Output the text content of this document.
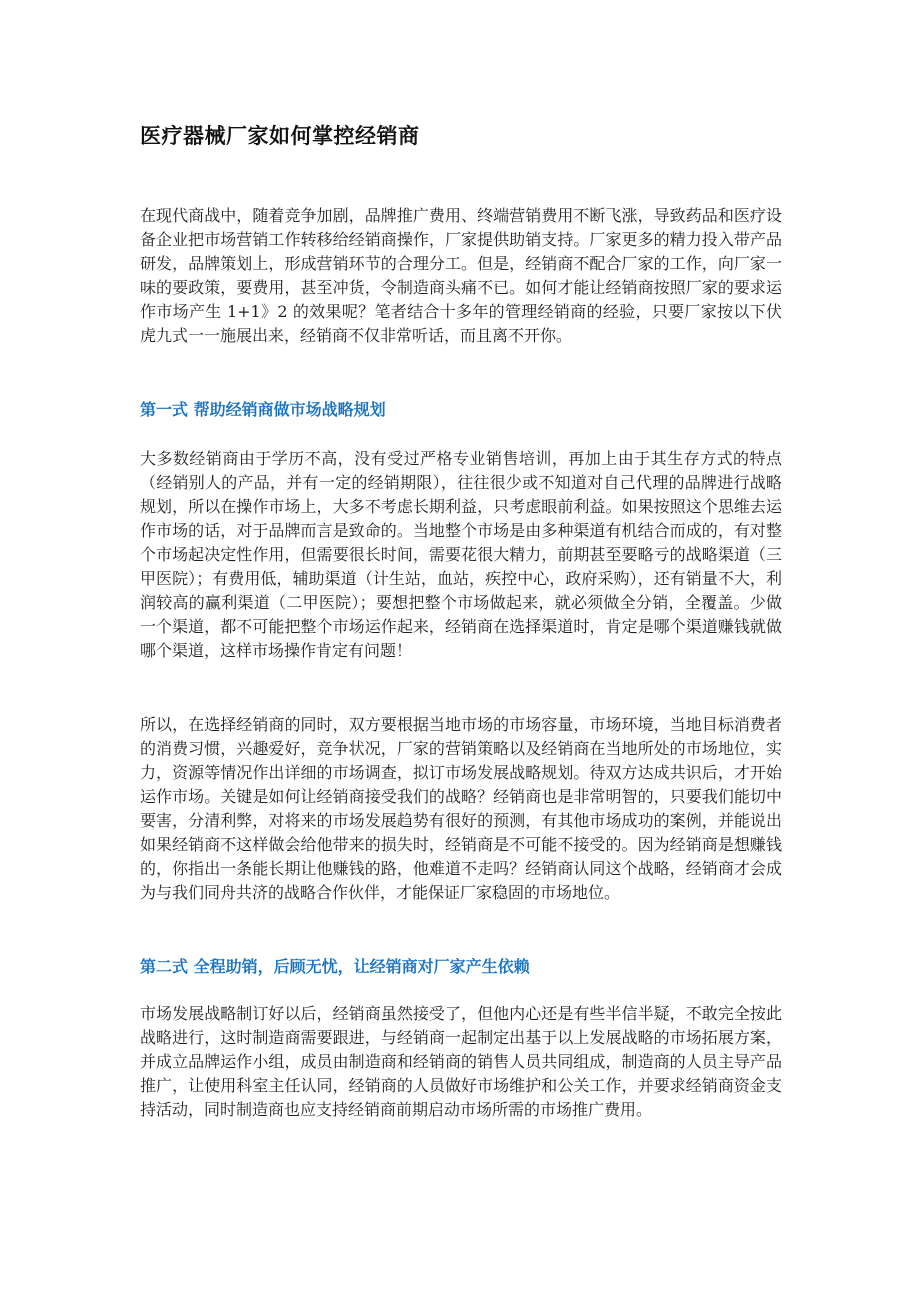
医疗器械厂家如何掌控经销商

在现代商战中，随着竞争加剧，品牌推广费用、终端营销费用不断飞涨，导致药品和医疗设备企业把市场营销工作转移给经销商操作，厂家提供助销支持。厂家更多的精力投入带产品研发，品牌策划上，形成营销环节的合理分工。但是，经销商不配合厂家的工作，向厂家一味的要政策，要费用，甚至冲货，令制造商头痛不已。如何才能让经销商按照厂家的要求运作市场产生 1+1》2 的效果呢？笔者结合十多年的管理经销商的经验，只要厂家按以下伏虎九式一一施展出来，经销商不仅非常听话，而且离不开你。

第一式 帮助经销商做市场战略规划

大多数经销商由于学历不高，没有受过严格专业销售培训，再加上由于其生存方式的特点（经销别人的产品，并有一定的经销期限），往往很少或不知道对自己代理的品牌进行战略规划，所以在操作市场上，大多不考虑长期利益，只考虑眼前利益。如果按照这个思维去运作市场的话，对于品牌而言是致命的。当地整个市场是由多种渠道有机结合而成的，有对整个市场起决定性作用，但需要很长时间，需要花很大精力，前期甚至要略亏的战略渠道（三甲医院）；有费用低，辅助渠道（计生站，血站，疾控中心，政府采购），还有销量不大，利润较高的赢利渠道（二甲医院）；要想把整个市场做起来，就必须做全分销，全覆盖。少做一个渠道，都不可能把整个市场运作起来，经销商在选择渠道时，肯定是哪个渠道赚钱就做哪个渠道，这样市场操作肯定有问题！

所以，在选择经销商的同时，双方要根据当地市场的市场容量，市场环境，当地目标消费者的消费习惯，兴趣爱好，竞争状况，厂家的营销策略以及经销商在当地所处的市场地位，实力，资源等情况作出详细的市场调查，拟订市场发展战略规划。待双方达成共识后，才开始运作市场。关键是如何让经销商接受我们的战略？经销商也是非常明智的，只要我们能切中要害，分清利弊，对将来的市场发展趋势有很好的预测，有其他市场成功的案例，并能说出如果经销商不这样做会给他带来的损失时，经销商是不可能不接受的。因为经销商是想赚钱的，你指出一条能长期让他赚钱的路，他难道不走吗？经销商认同这个战略，经销商才会成为与我们同舟共济的战略合作伙伴，才能保证厂家稳固的市场地位。

第二式 全程助销，后顾无忧，让经销商对厂家产生依赖

市场发展战略制订好以后，经销商虽然接受了，但他内心还是有些半信半疑，不敢完全按此战略进行，这时制造商需要跟进，与经销商一起制定出基于以上发展战略的市场拓展方案，并成立品牌运作小组，成员由制造商和经销商的销售人员共同组成，制造商的人员主导产品推广，让使用科室主任认同，经销商的人员做好市场维护和公关工作，并要求经销商资金支持活动，同时制造商也应支持经销商前期启动市场所需的市场推广费用。
